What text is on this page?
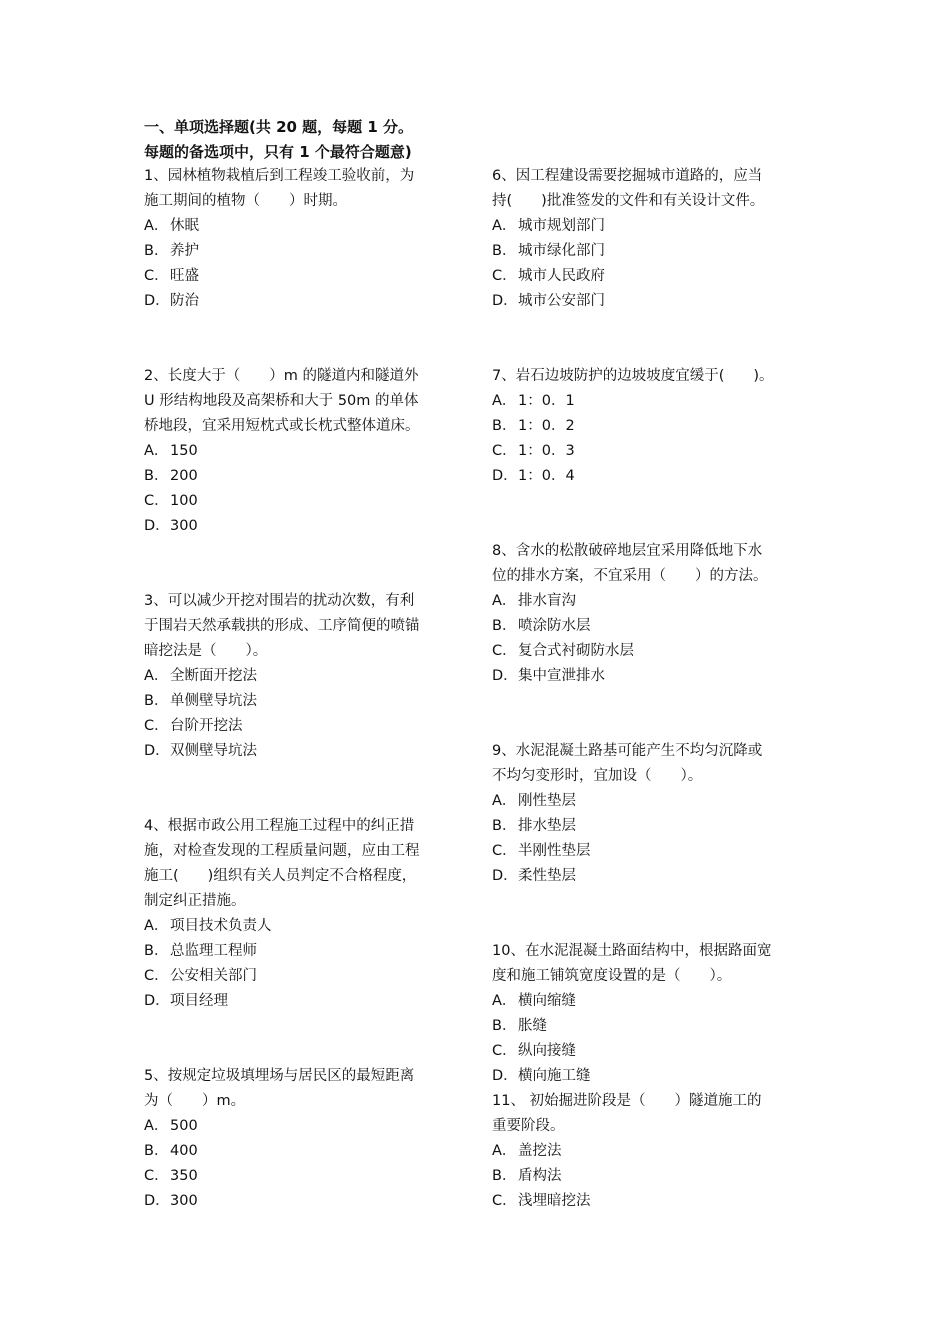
一、单项选择题(共 20 题，每题 1 分。
每题的备选项中，只有 1 个最符合题意)
1、园林植物栽植后到工程竣工验收前，为
施工期间的植物（　　）时期。
A． 休眠
B． 养护
C．旺盛
D．防治
2、长度大于（　　）m 的隧道内和隧道外
U 形结构地段及高架桥和大于 50m 的单体
桥地段，宜采用短枕式或长枕式整体道床。
A． 150
B． 200
C．100
D．300
3、可以减少开挖对围岩的扰动次数，有利
于围岩天然承载拱的形成、工序简便的喷锚
暗挖法是（　　）。
A． 全断面开挖法
B． 单侧壁导坑法
C．台阶开挖法
D．双侧壁导坑法
4、根据市政公用工程施工过程中的纠正措
施，对检查发现的工程质量问题，应由工程
施工(　　)组织有关人员判定不合格程度，
制定纠正措施。
A． 项目技术负责人
B． 总监理工程师
C．公安相关部门
D．项目经理
5、按规定垃圾填埋场与居民区的最短距离
为（　　）m。
A． 500
B． 400
C．350
D．300
6、因工程建设需要挖掘城市道路的，应当
持(　　)批准签发的文件和有关设计文件。
A． 城市规划部门
B． 城市绿化部门
C．城市人民政府
D．城市公安部门
7、岩石边坡防护的边坡坡度宜缓于(　　)。
A． 1：0．1
B． 1：0．2
C．1：0．3
D．1：0．4
8、含水的松散破碎地层宜采用降低地下水
位的排水方案，不宜采用（　　）的方法。
A． 排水盲沟
B． 喷涂防水层
C．复合式衬砌防水层
D．集中宣泄排水
9、水泥混凝土路基可能产生不均匀沉降或
不均匀变形时，宜加设（　　）。
A． 刚性垫层
B． 排水垫层
C．半刚性垫层
D．柔性垫层
10、在水泥混凝土路面结构中，根据路面宽
度和施工铺筑宽度设置的是（　　）。
A． 横向缩缝
B． 胀缝
C．纵向接缝
D．横向施工缝
11、 初始掘进阶段是（　　）隧道施工的
重要阶段。
A． 盖挖法
B． 盾构法
C．浅埋暗挖法
